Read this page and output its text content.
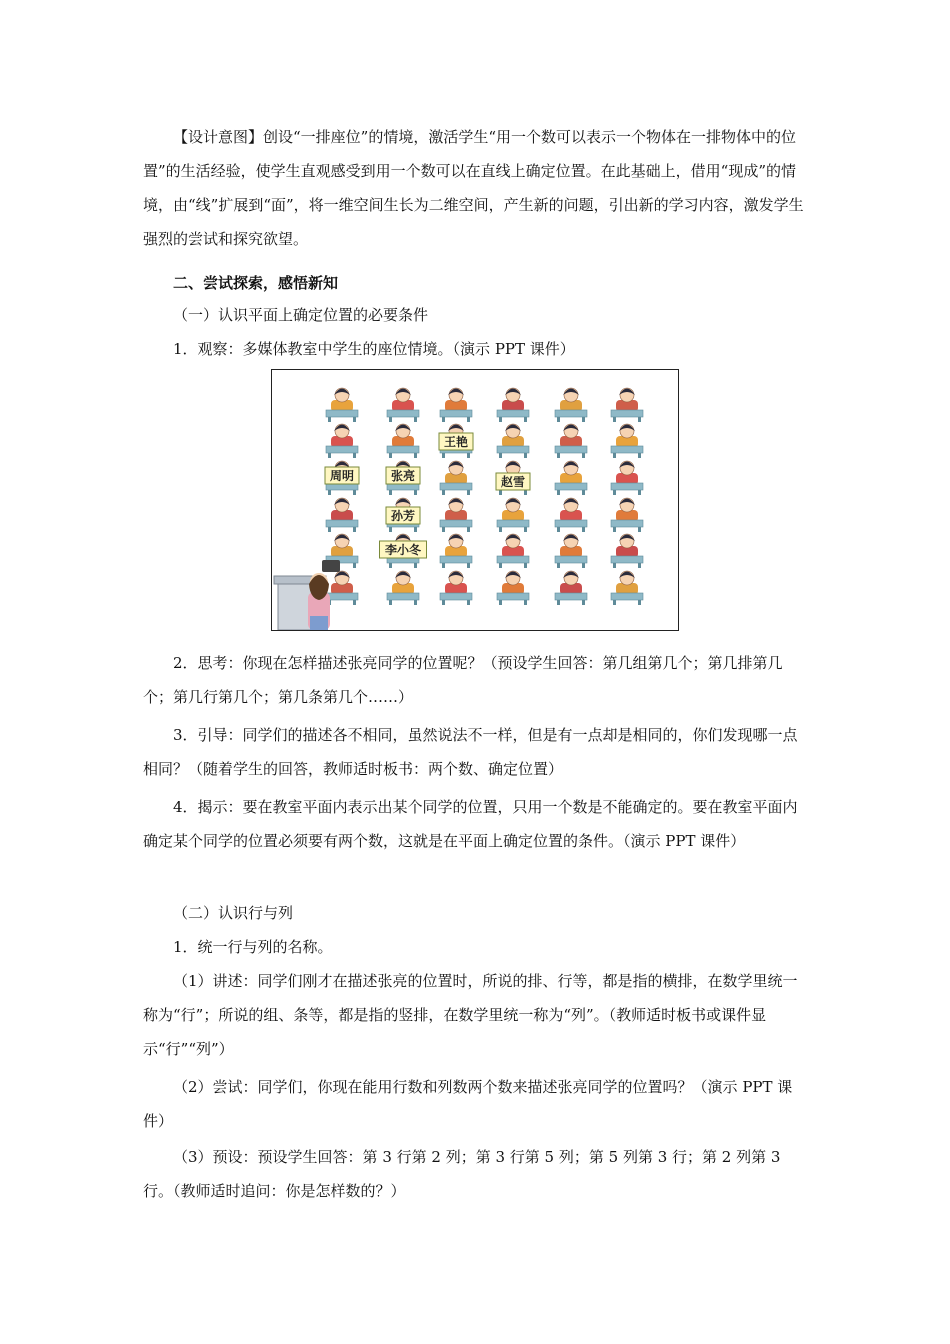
【设计意图】创设“一排座位”的情境，激活学生“用一个数可以表示一个物体在一排物体中的位置”的生活经验，使学生直观感受到用一个数可以在直线上确定位置。在此基础上，借用“现成”的情境，由“线”扩展到“面”，将一维空间生长为二维空间，产生新的问题，引出新的学习内容，激发学生强烈的尝试和探究欲望。

二、尝试探索，感悟新知

（一）认识平面上确定位置的必要条件

1．观察：多媒体教室中学生的座位情境。（演示 PPT 课件）

王艳
周明	张亮	赵雪
孙芳
李小冬

2．思考：你现在怎样描述张亮同学的位置呢？（预设学生回答：第几组第几个；第几排第几个；第几行第几个；第几条第几个……）

3．引导：同学们的描述各不相同，虽然说法不一样，但是有一点却是相同的，你们发现哪一点相同？（随着学生的回答，教师适时板书：两个数、确定位置）

4．揭示：要在教室平面内表示出某个同学的位置，只用一个数是不能确定的。要在教室平面内确定某个同学的位置必须要有两个数，这就是在平面上确定位置的条件。（演示 PPT 课件）

（二）认识行与列

1．统一行与列的名称。

（1）讲述：同学们刚才在描述张亮的位置时，所说的排、行等，都是指的横排，在数学里统一称为“行”；所说的组、条等，都是指的竖排，在数学里统一称为“列”。（教师适时板书或课件显示“行”“列”）

（2）尝试：同学们，你现在能用行数和列数两个数来描述张亮同学的位置吗？（演示 PPT 课件）

（3）预设：预设学生回答：第 3 行第 2 列；第 3 行第 5 列；第 5 列第 3 行；第 2 列第 3 行。（教师适时追问：你是怎样数的？）
